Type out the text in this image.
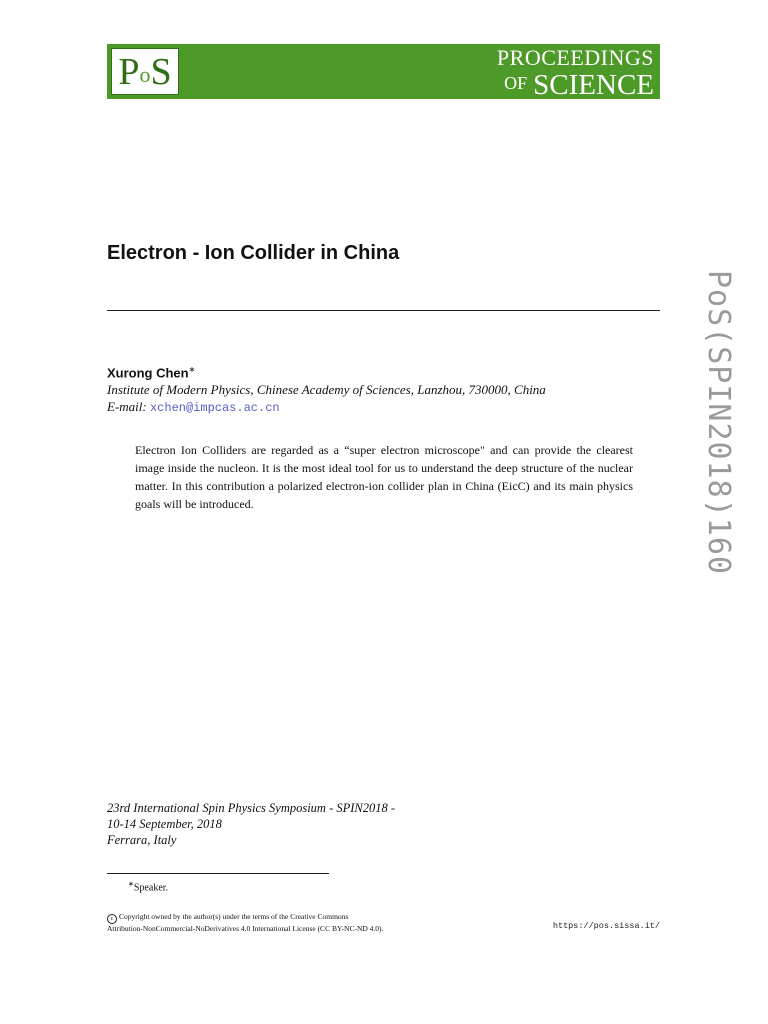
PoS	PROCEEDINGS
OF SCIENCE
Electron - Ion Collider in China
Xurong Chen∗
Institute of Modern Physics, Chinese Academy of Sciences, Lanzhou, 730000, China
E-mail: xchen@impcas.ac.cn

Electron Ion Colliders are regarded as a “super electron microscope" and can provide the clearest image inside the nucleon. It is the most ideal tool for us to understand the deep structure of the nuclear matter. In this contribution a polarized electron-ion collider plan in China (EicC) and its main physics goals will be introduced.	PoS(SPIN2018)160
23rd International Spin Physics Symposium - SPIN2018 -
10-14 September, 2018
Ferrara, Italy
∗Speaker.
c Copyright owned by the author(s) under the terms of the Creative Commons
Attribution-NonCommercial-NoDerivatives 4.0 International License (CC BY-NC-ND 4.0).	https://pos.sissa.it/
